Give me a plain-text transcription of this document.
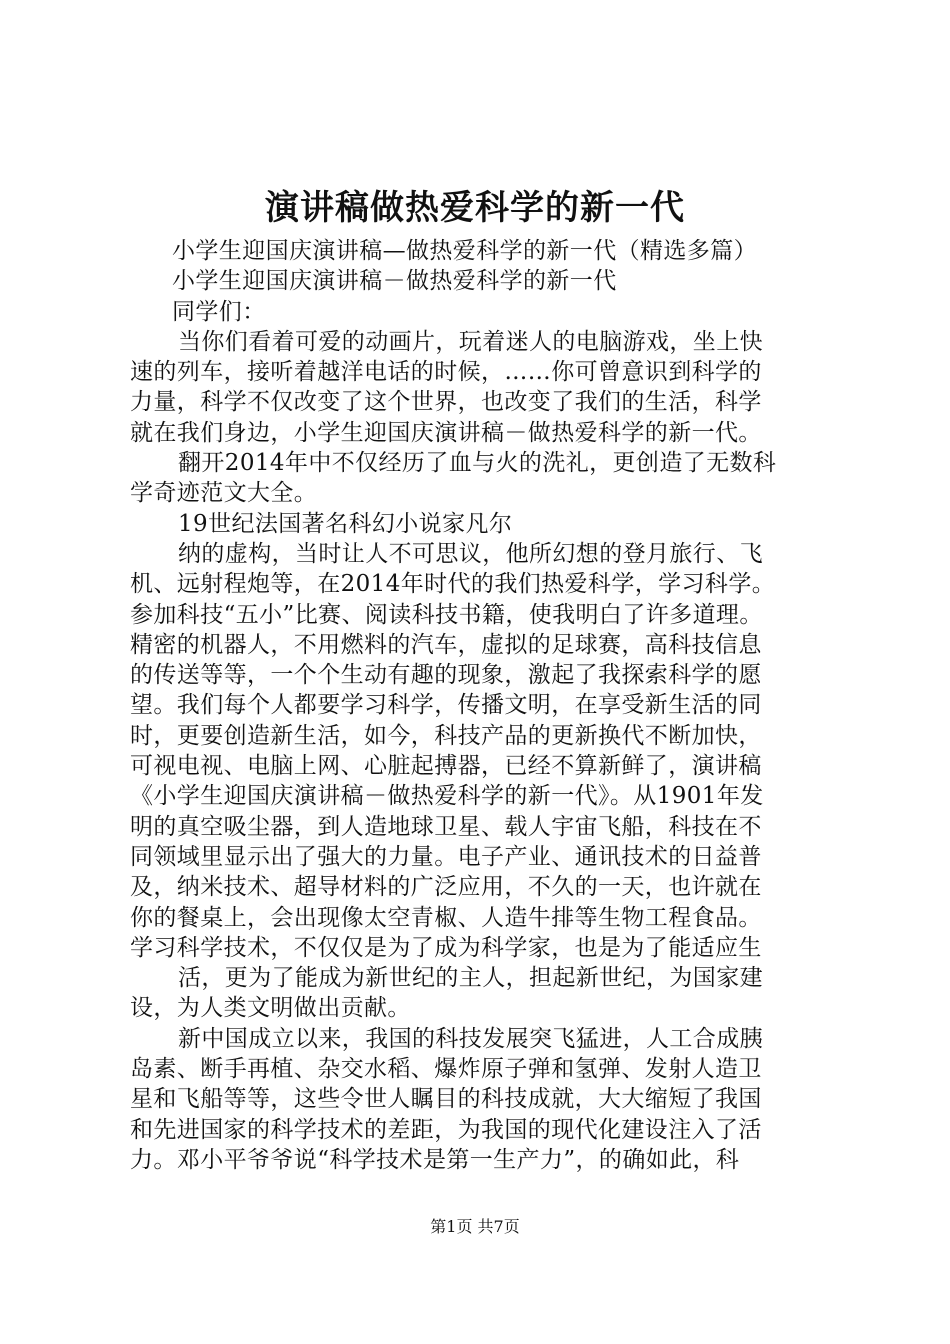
演讲稿做热爱科学的新一代
小学生迎国庆演讲稿—做热爱科学的新一代（精选多篇）
小学生迎国庆演讲稿－做热爱科学的新一代
同学们：
当你们看着可爱的动画片，玩着迷人的电脑游戏，坐上快
速的列车，接听着越洋电话的时候，……你可曾意识到科学的
力量，科学不仅改变了这个世界，也改变了我们的生活，科学
就在我们身边，小学生迎国庆演讲稿－做热爱科学的新一代。
翻开2014年中不仅经历了血与火的洗礼，更创造了无数科
学奇迹范文大全。
19世纪法国著名科幻小说家凡尔
纳的虚构，当时让人不可思议，他所幻想的登月旅行、飞
机、远射程炮等，在2014年时代的我们热爱科学，学习科学。
参加科技“五小”比赛、阅读科技书籍，使我明白了许多道理。
精密的机器人，不用燃料的汽车，虚拟的足球赛，高科技信息
的传送等等，一个个生动有趣的现象，激起了我探索科学的愿
望。我们每个人都要学习科学，传播文明，在享受新生活的同
时，更要创造新生活，如今，科技产品的更新换代不断加快，
可视电视、电脑上网、心脏起搏器，已经不算新鲜了，演讲稿
《小学生迎国庆演讲稿－做热爱科学的新一代》。从1901年发
明的真空吸尘器，到人造地球卫星、载人宇宙飞船，科技在不
同领域里显示出了强大的力量。电子产业、通讯技术的日益普
及，纳米技术、超导材料的广泛应用，不久的一天，也许就在
你的餐桌上，会出现像太空青椒、人造牛排等生物工程食品。
学习科学技术，不仅仅是为了成为科学家，也是为了能适应生
活，更为了能成为新世纪的主人，担起新世纪，为国家建
设，为人类文明做出贡献。
新中国成立以来，我国的科技发展突飞猛进，人工合成胰
岛素、断手再植、杂交水稻、爆炸原子弹和氢弹、发射人造卫
星和飞船等等，这些令世人瞩目的科技成就，大大缩短了我国
和先进国家的科学技术的差距，为我国的现代化建设注入了活
力。邓小平爷爷说“科学技术是第一生产力”，的确如此，科
第1页 共7页
